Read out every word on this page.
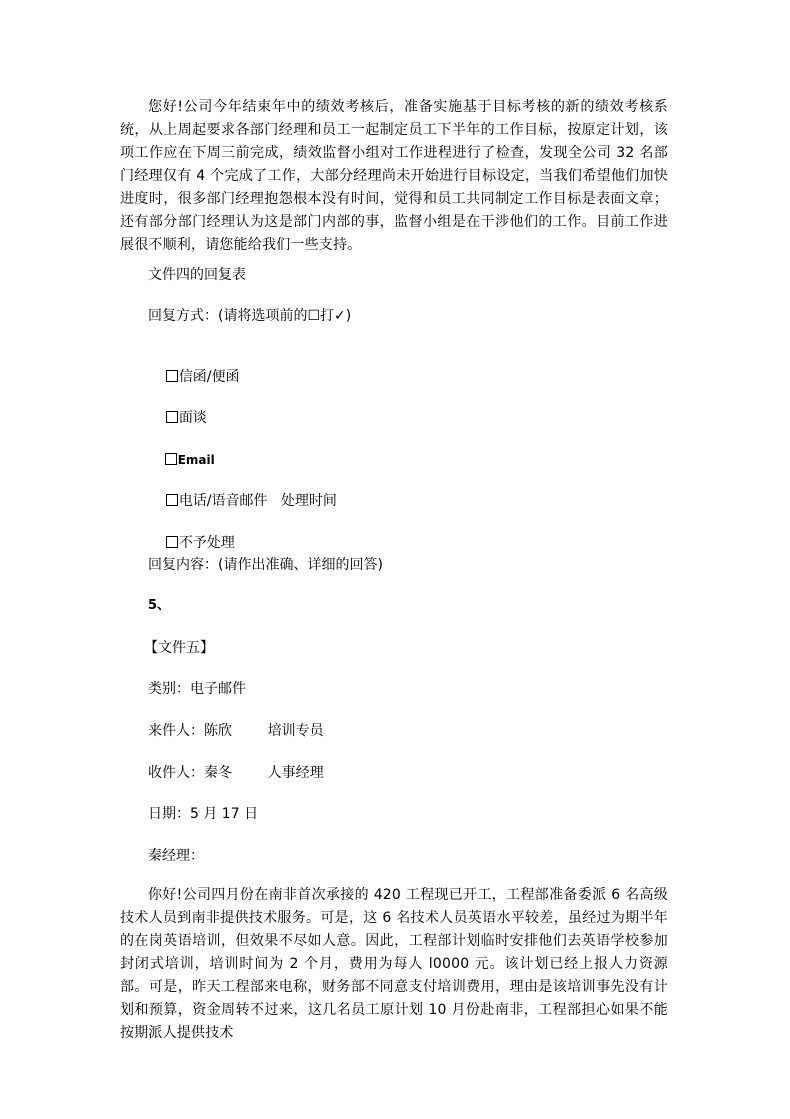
您好!公司今年结束年中的绩效考核后，准备实施基于目标考核的新的绩效考核系统，从上周起要求各部门经理和员工一起制定员工下半年的工作目标，按原定计划，该项工作应在下周三前完成，绩效监督小组对工作进程进行了检查，发现全公司 32 名部门经理仅有 4 个完成了工作，大部分经理尚未开始进行目标设定，当我们希望他们加快进度时，很多部门经理抱怨根本没有时间，觉得和员工共同制定工作目标是表面文章；还有部分部门经理认为这是部门内部的事，监督小组是在干涉他们的工作。目前工作进展很不顺利，请您能给我们一些支持。

文件四的回复表
回复方式：(请将选项前的☐打✓)

信函/便函

面谈

Email

电话/语音邮件   处理时间

不予处理

回复内容：(请作出准确、详细的回答)
5、
【文件五】
类别：电子邮件
来件人：陈欣        培训专员
收件人：秦冬        人事经理
日期：5 月 17 日
秦经理：

你好!公司四月份在南非首次承接的 420 工程现已开工，工程部准备委派 6 名高级技术人员到南非提供技术服务。可是，这 6 名技术人员英语水平较差，虽经过为期半年的在岗英语培训，但效果不尽如人意。因此，工程部计划临时安排他们去英语学校参加封闭式培训，培训时间为 2 个月，费用为每人 l0000 元。该计划已经上报人力资源部。可是，昨天工程部来电称，财务部不同意支付培训费用，理由是该培训事先没有计划和预算，资金周转不过来，这几名员工原计划 10 月份赴南非，工程部担心如果不能按期派人提供技术
